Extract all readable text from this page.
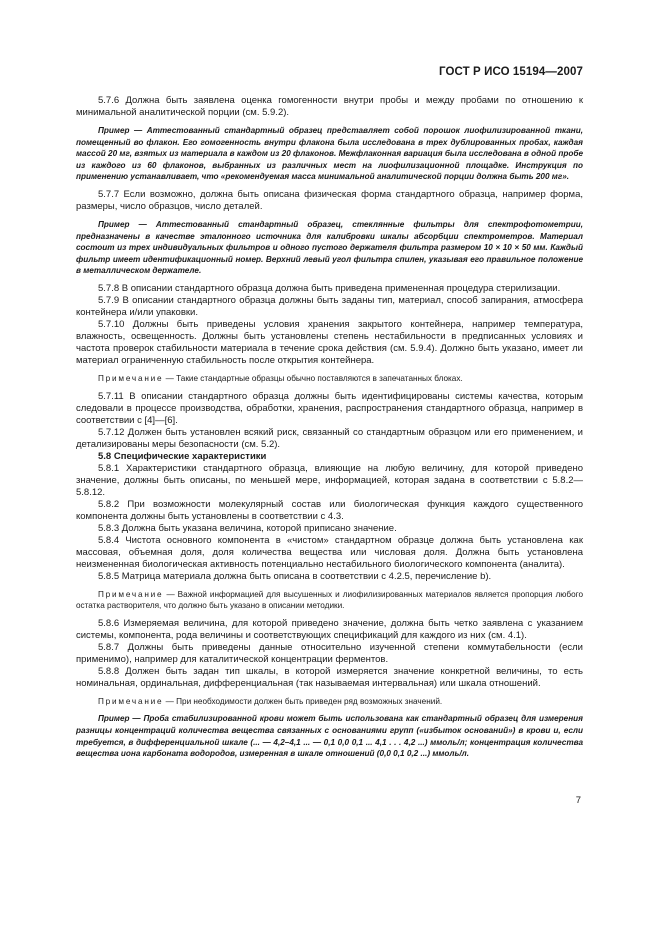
ГОСТ Р ИСО 15194—2007

5.7.6 Должна быть заявлена оценка гомогенности внутри пробы и между пробами по отношению к минимальной аналитической порции (см. 5.9.2).

Пример — Аттестованный стандартный образец представляет собой порошок лиофилизированной ткани, помещенный во флакон. Его гомогенность внутри флакона была исследована в трех дублированных пробах, каждая массой 20 мг, взятых из материала в каждом из 20 флаконов. Межфлаконная вариация была исследована в одной пробе из каждого из 60 флаконов, выбранных из различных мест на лиофилизационной площадке. Инструкция по применению устанавливает, что «рекомендуемая масса минимальной аналитической порции должна быть 200 мг».

5.7.7 Если возможно, должна быть описана физическая форма стандартного образца, например форма, размеры, число образцов, число деталей.

Пример — Аттестованный стандартный образец, стеклянные фильтры для спектрофотометрии, предназначены в качестве эталонного источника для калибровки шкалы абсорбции спектрометров. Материал состоит из трех индивидуальных фильтров и одного пустого держателя фильтра размером 10 × 10 × 50 мм. Каждый фильтр имеет идентификационный номер. Верхний левый угол фильтра спилен, указывая его правильное положение в металлическом держателе.

5.7.8 В описании стандартного образца должна быть приведена примененная процедура стерилизации.

5.7.9 В описании стандартного образца должны быть заданы тип, материал, способ запирания, атмосфера контейнера и/или упаковки.

5.7.10 Должны быть приведены условия хранения закрытого контейнера, например температура, влажность, освещенность. Должны быть установлены степень нестабильности в предписанных условиях и частота проверок стабильности материала в течение срока действия (см. 5.9.4). Должно быть указано, имеет ли материал ограниченную стабильность после открытия контейнера.

Примечание — Такие стандартные образцы обычно поставляются в запечатанных блоках.

5.7.11 В описании стандартного образца должны быть идентифицированы системы качества, которым следовали в процессе производства, обработки, хранения, распространения стандартного образца, например в соответствии с [4]—[6].

5.7.12 Должен быть установлен всякий риск, связанный со стандартным образцом или его применением, и детализированы меры безопасности (см. 5.2).

5.8 Специфические характеристики

5.8.1 Характеристики стандартного образца, влияющие на любую величину, для которой приведено значение, должны быть описаны, по меньшей мере, информацией, которая задана в соответствии с 5.8.2—5.8.12.

5.8.2 При возможности молекулярный состав или биологическая функция каждого существенного компонента должны быть установлены в соответствии с 4.3.

5.8.3 Должна быть указана величина, которой приписано значение.

5.8.4 Чистота основного компонента в «чистом» стандартном образце должна быть установлена как массовая, объемная доля, доля количества вещества или числовая доля. Должна быть установлена неизмененная биологическая активность потенциально нестабильного биологического компонента (аналита).

5.8.5 Матрица материала должна быть описана в соответствии с 4.2.5, перечисление b).

Примечание — Важной информацией для высушенных и лиофилизированных материалов является пропорция любого остатка растворителя, что должно быть указано в описании методики.

5.8.6 Измеряемая величина, для которой приведено значение, должна быть четко заявлена с указанием системы, компонента, рода величины и соответствующих спецификаций для каждого из них (см. 4.1).

5.8.7 Должны быть приведены данные относительно изученной степени коммутабельности (если применимо), например для каталитической концентрации ферментов.

5.8.8 Должен быть задан тип шкалы, в которой измеряется значение конкретной величины, то есть номинальная, ординальная, дифференциальная (так называемая интервальная) или шкала отношений.

Примечание — При необходимости должен быть приведен ряд возможных значений.

Пример — Проба стабилизированной крови может быть использована как стандартный образец для измерения разницы концентраций количества вещества связанных с основаниями групп («избыток оснований») в крови и, если требуется, в дифференциальной шкале (... — 4,2–4,1 ... — 0,1 0,0 0,1 ... 4,1 . . . 4,2 ...) ммоль/л; концентрация количества вещества иона карбоната водородов, измеренная в шкале отношений (0,0 0,1 0,2 ...) ммоль/л.

7
